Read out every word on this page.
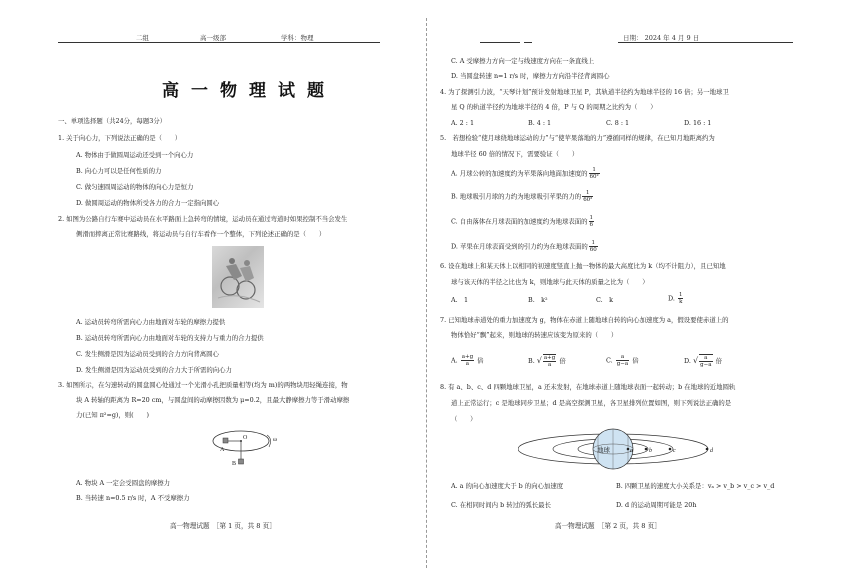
二组	高一级部	学科：物理
高一物理试题
一、单项选择题（共24分，每题3分）
1. 关于向心力，下列说法正确的是（　　）
A. 物体由于做圆周运动还受到一个向心力
B. 向心力可以是任何性质的力
C. 做匀速圆周运动的物体的向心力是恒力
D. 做圆周运动的物体所受各力的合力一定指向圆心
2. 如图为公路自行车赛中运动员在水平路面上急转弯的情境，运动员在通过弯道时如果控制不当会发生
侧滑而摔离正常比赛路线，将运动员与自行车看作一个整体，下列论述正确的是（　　）
A. 运动员转弯所需向心力由地面对车轮的摩擦力提供
B. 运动员转弯所需向心力由地面对车轮的支持力与重力的合力提供
C. 发生侧滑是因为运动员受到的合力方向背离圆心
D. 发生侧滑是因为运动员受到的合力大于所需的向心力
3. 如图所示，在匀速转动的圆盘圆心处通过一个光滑小孔把质量相等(均为 m)的两物块用轻绳连接，物
块 A 转轴的距离为 R=20 cm，与圆盘间的动摩擦因数为 μ=0.2，且最大静摩擦力等于滑动摩擦
力(已知 π²=g)，则(　　)
O
A
B
ω
A. 物块 A 一定会受圆盘的摩擦力
B. 当转速 n=0.5 r/s 时，A 不受摩擦力
高一物理试题　［第 1 页，共 8 页］
日期： 2024 年 4 月 9 日
C. A 受摩擦力方向一定与线速度方向在一条直线上
D. 当圆盘转速 n=1 r/s 时，摩擦力方向沿半径背离圆心
4. 为了探测引力波，“天琴计划”预计发射地球卫星 P，其轨道半径约为地球半径的 16 倍；另一地球卫
星 Q 的轨道半径约为地球半径的 4 倍，P 与 Q 的周期之比约为（　　）
A. 2 : 1	B. 4 : 1	C. 8 : 1	D. 16 : 1
5.　若想检验“使月球绕地球运动的力”与“使苹果落地的力”遵循同样的规律，在已知月地距离约为
地球半径 60 倍的情况下，需要验证（　　）
A. 月球公转的加速度约为苹果落向地面加速度的 $\frac{1}{\text{60²}}$
B. 地球吸引月球的力约为地球吸引苹果的力的 $\frac{1}{\text{60²}}$
C. 自由落体在月球表面的加速度约为地球表面的 $\frac{1}{6}$
D. 苹果在月球表面受到的引力约为在地球表面的 $\frac{1}{60}$
6. 设在地球上和某天体上以相同的初速度竖直上抛一物体的最大高度比为 k（均不计阻力），且已知地
球与该天体的半径之比也为 k，则地球与此天体的质量之比为（　　）
A.　1	B.　k²	C.　k	D. $\frac{1}{k}$
7. 已知地球赤道处的重力加速度为 g，物体在赤道上随地球自转的向心加速度为 a，假设要使赤道上的
物体恰好“飘”起来，则地球的转速应该变为原来的（　　）
A. $\frac{a+g}{a}$ 倍	B. √ $\frac{a+g}{a}$ 倍	C. $\frac{a}{g-a}$ 倍	D. √ $\frac{a}{g-a}$ 倍
8. 有 a、b、c、d 四颗地球卫星，a 还未发射，在地球赤道上随地球表面一起转动；b 在地球的近地圆轨
道上正常运行；c 是地球同步卫星；d 是高空探测卫星，各卫星排列位置如图，则下列说法正确的是
（　　）
地球	a	b	c	d
A. a 的向心加速度大于 b 的向心加速度	B. 四颗卫星的速度大小关系是：vₐ > v_b > v_c > v_d
C. 在相同时间内 b 转过的弧长最长	D. d 的运动周期可能是 20h
高一物理试题　［第 2 页，共 8 页］
